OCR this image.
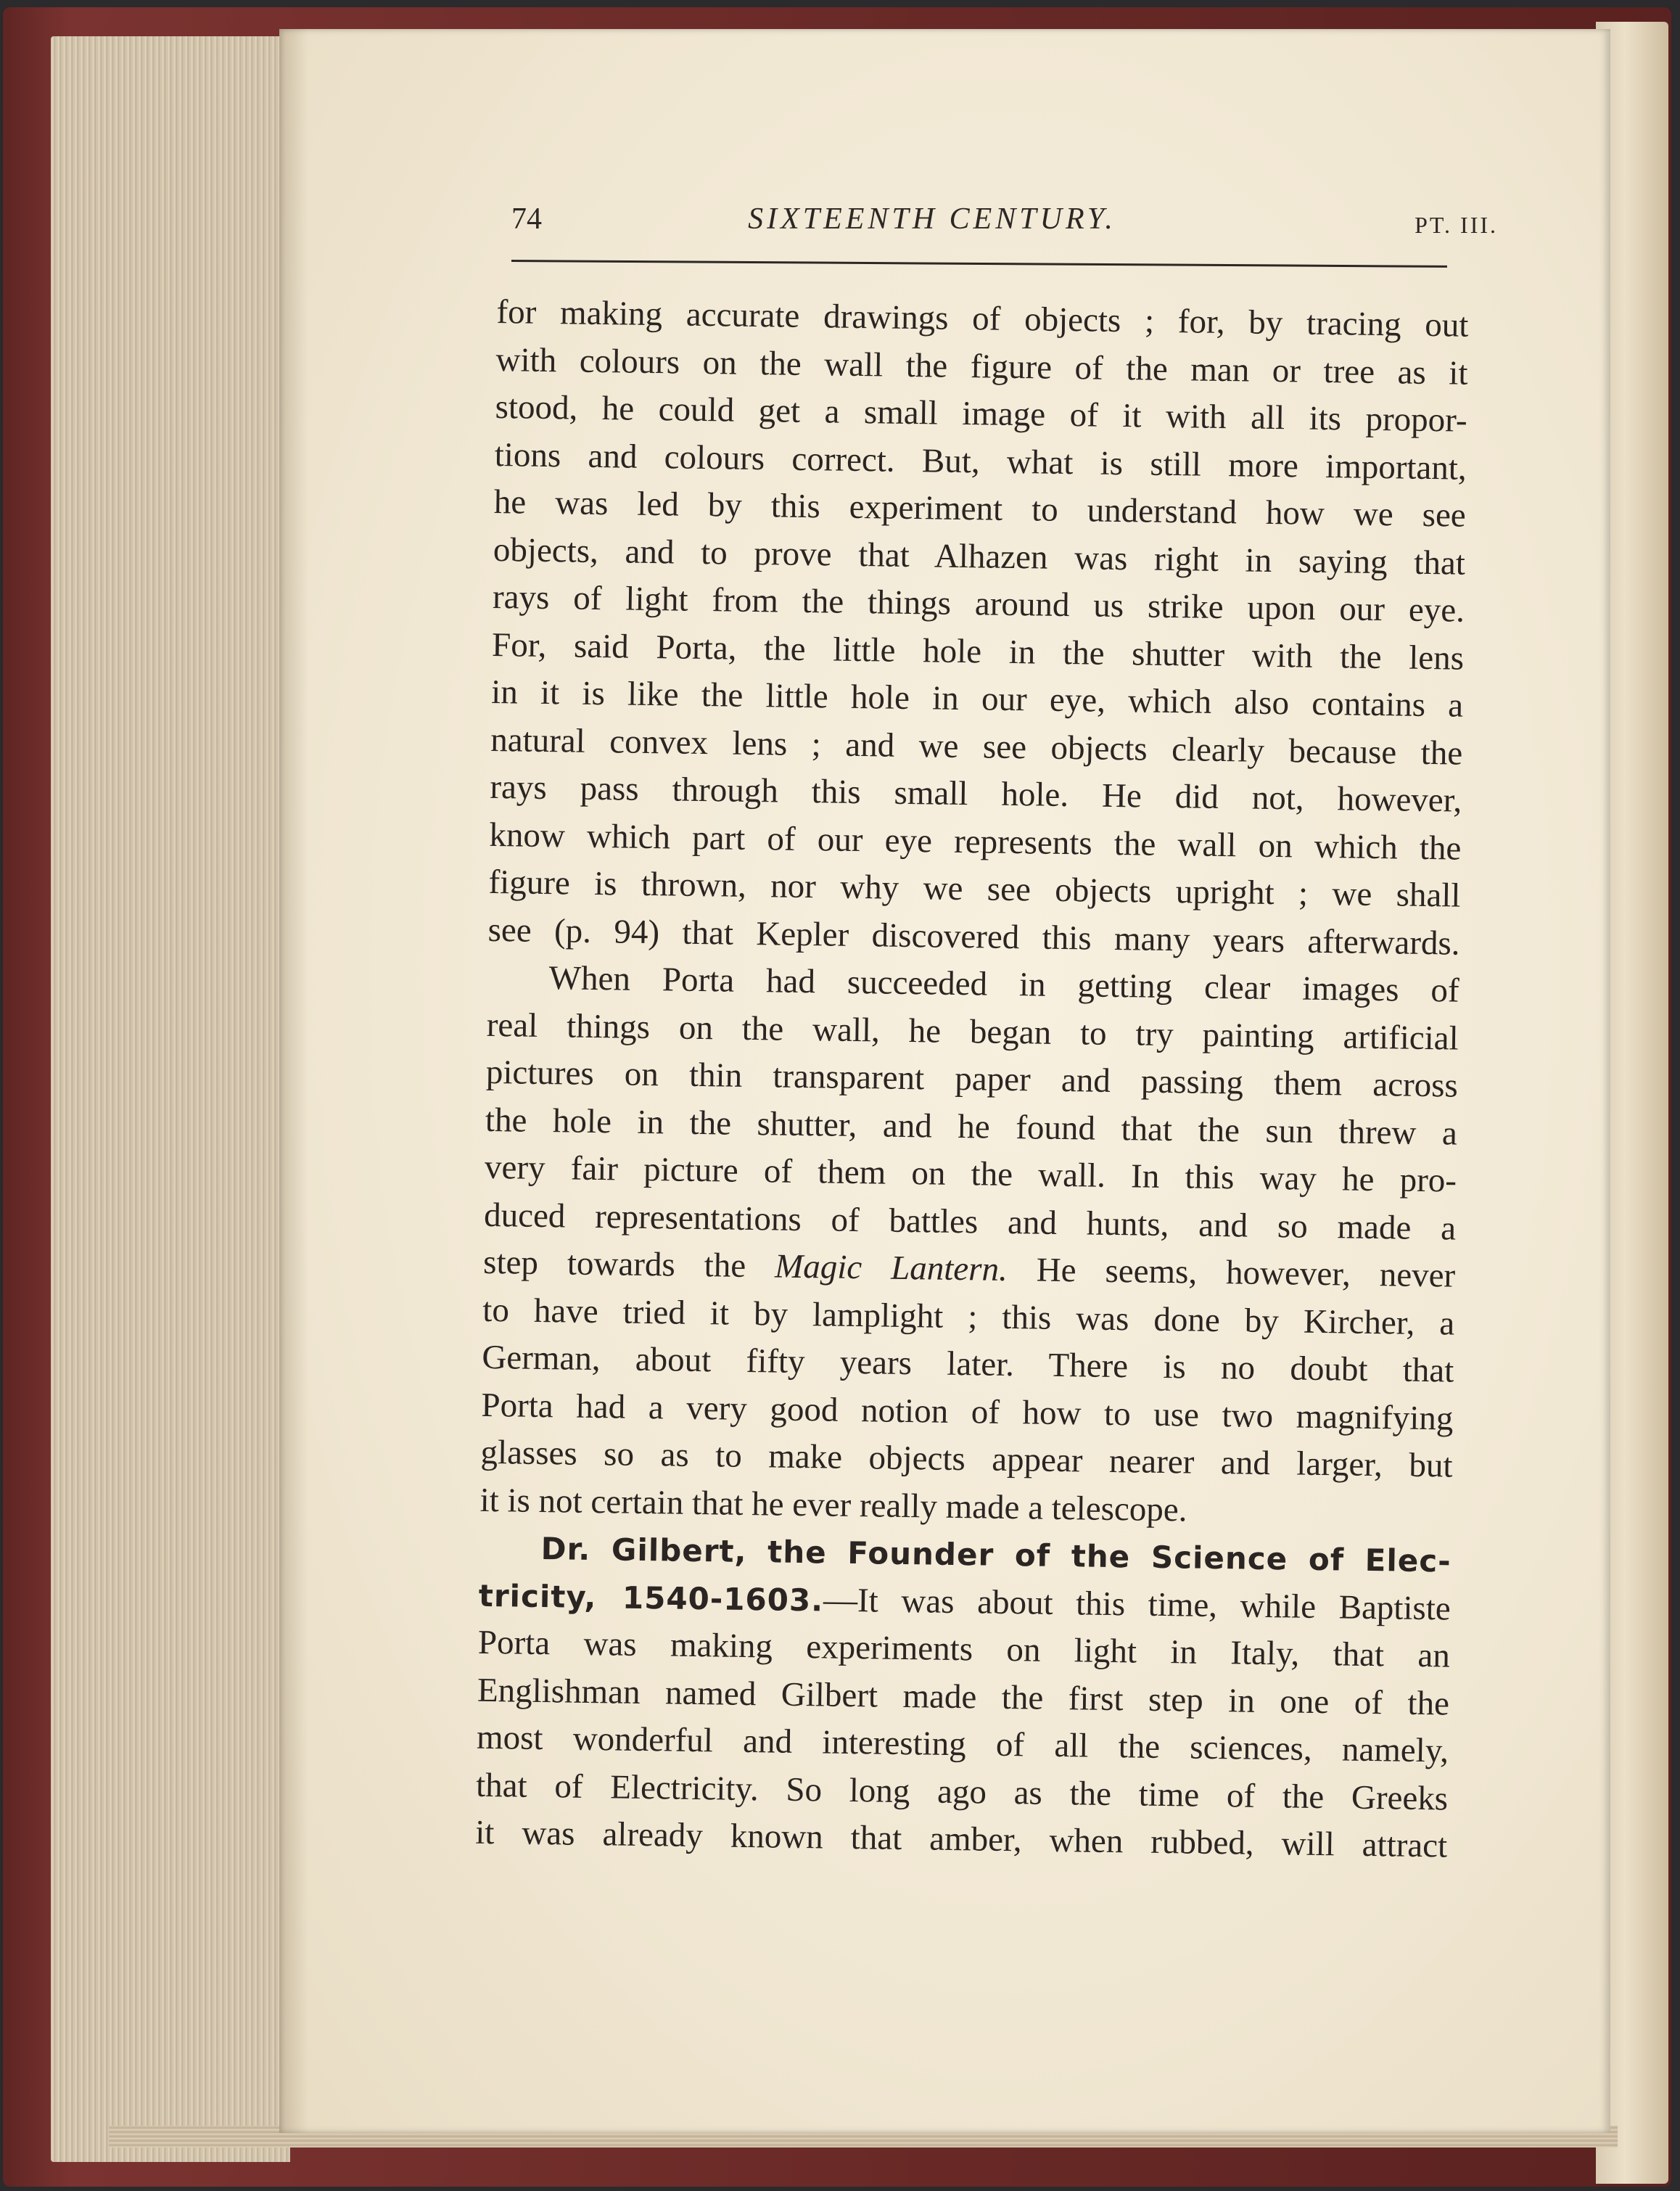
74	SIXTEENTH CENTURY.	PT. III.
for making accurate drawings of objects ; for, by tracing out
with colours on the wall the figure of the man or tree as it
stood, he could get a small image of it with all its propor-
tions and colours correct. But, what is still more important,
he was led by this experiment to understand how we see
objects, and to prove that Alhazen was right in saying that
rays of light from the things around us strike upon our eye.
For, said Porta, the little hole in the shutter with the lens
in it is like the little hole in our eye, which also contains a
natural convex lens ; and we see objects clearly because the
rays pass through this small hole. He did not, however,
know which part of our eye represents the wall on which the
figure is thrown, nor why we see objects upright ; we shall
see (p. 94) that Kepler discovered this many years afterwards.
When Porta had succeeded in getting clear images of
real things on the wall, he began to try painting artificial
pictures on thin transparent paper and passing them across
the hole in the shutter, and he found that the sun threw a
very fair picture of them on the wall. In this way he pro-
duced representations of battles and hunts, and so made a
step towards the Magic Lantern. He seems, however, never
to have tried it by lamplight ; this was done by Kircher, a
German, about fifty years later. There is no doubt that
Porta had a very good notion of how to use two magnifying
glasses so as to make objects appear nearer and larger, but
it is not certain that he ever really made a telescope.
Dr. Gilbert, the Founder of the Science of Elec-
tricity, 1540-1603.—It was about this time, while Baptiste
Porta was making experiments on light in Italy, that an
Englishman named Gilbert made the first step in one of the
most wonderful and interesting of all the sciences, namely,
that of Electricity. So long ago as the time of the Greeks
it was already known that amber, when rubbed, will attract
